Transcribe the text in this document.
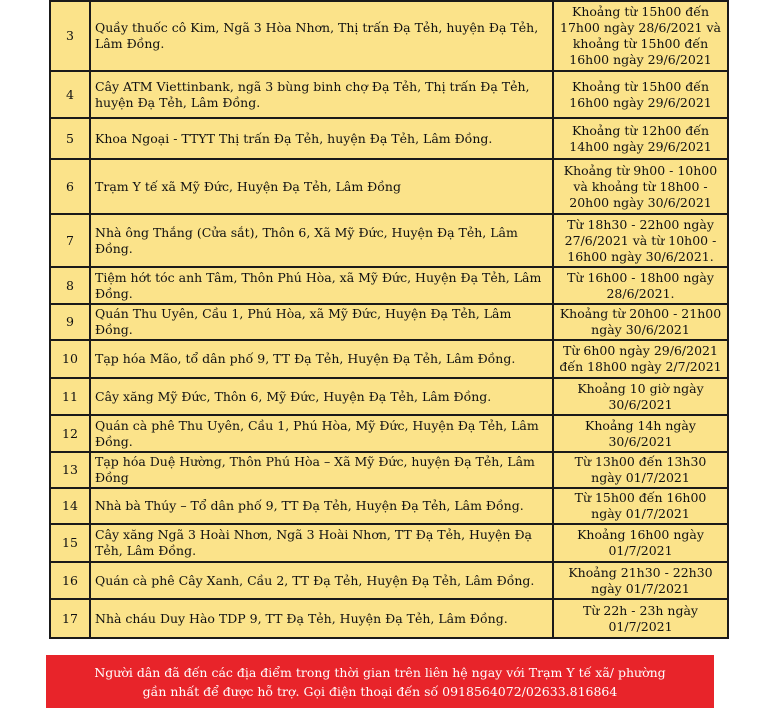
3	Quầy thuốc cô Kim, Ngã 3 Hòa Nhơn, Thị trấn Đạ Tẻh, huyện Đạ Tẻh, Lâm Đồng.	Khoảng từ 15h00 đến 17h00 ngày 28/6/2021 và khoảng từ 15h00 đến 16h00 ngày 29/6/2021
4	Cây ATM Viettinbank, ngã 3 bùng binh chợ Đạ Tẻh, Thị trấn Đạ Tẻh, huyện Đạ Tẻh, Lâm Đồng.	Khoảng từ 15h00 đến 16h00 ngày 29/6/2021
5	Khoa Ngoại - TTYT Thị trấn Đạ Tẻh, huyện Đạ Tẻh, Lâm Đồng.	Khoảng từ 12h00 đến 14h00 ngày 29/6/2021
6	Trạm Y tế xã Mỹ Đức, Huyện Đạ Tẻh, Lâm Đồng	Khoảng từ 9h00 - 10h00 và khoảng từ 18h00 - 20h00 ngày 30/6/2021
7	Nhà ông Thắng (Cửa sắt), Thôn 6, Xã Mỹ Đức, Huyện Đạ Tẻh, Lâm Đồng.	Từ 18h30 - 22h00 ngày 27/6/2021 và từ 10h00 - 16h00 ngày 30/6/2021.
8	Tiệm hớt tóc anh Tâm, Thôn Phú Hòa, xã Mỹ Đức, Huyện Đạ Tẻh, Lâm Đồng.	Từ 16h00 - 18h00 ngày 28/6/2021.
9	Quán Thu Uyên, Cầu 1, Phú Hòa, xã Mỹ Đức, Huyện Đạ Tẻh, Lâm Đồng.	Khoảng từ 20h00 - 21h00 ngày 30/6/2021
10	Tạp hóa Mão, tổ dân phố 9, TT Đạ Tẻh, Huyện Đạ Tẻh, Lâm Đồng.	Từ 6h00 ngày 29/6/2021 đến 18h00 ngày 2/7/2021
11	Cây xăng Mỹ Đức, Thôn 6, Mỹ Đức, Huyện Đạ Tẻh, Lâm Đồng.	Khoảng 10 giờ ngày 30/6/2021
12	Quán cà phê Thu Uyên, Cầu 1, Phú Hòa, Mỹ Đức, Huyện Đạ Tẻh, Lâm Đồng.	Khoảng 14h ngày 30/6/2021
13	Tạp hóa Duệ Hường, Thôn Phú Hòa – Xã Mỹ Đức, huyện Đạ Tẻh, Lâm Đồng	Từ 13h00 đến 13h30 ngày 01/7/2021
14	Nhà bà Thúy – Tổ dân phố 9, TT Đạ Tẻh, Huyện Đạ Tẻh, Lâm Đồng.	Từ 15h00 đến 16h00 ngày 01/7/2021
15	Cây xăng Ngã 3 Hoài Nhơn, Ngã 3 Hoài Nhơn, TT Đạ Tẻh, Huyện Đạ Tẻh, Lâm Đồng.	Khoảng 16h00 ngày 01/7/2021
16	Quán cà phê Cây Xanh, Cầu 2, TT Đạ Tẻh, Huyện Đạ Tẻh, Lâm Đồng.	Khoảng 21h30 - 22h30 ngày 01/7/2021
17	Nhà cháu Duy Hào TDP 9, TT Đạ Tẻh, Huyện Đạ Tẻh, Lâm Đồng.	Từ 22h - 23h ngày 01/7/2021
Người dân đã đến các địa điểm trong thời gian trên liên hệ ngay với Trạm Y tế xã/ phường
gần nhất để được hỗ trợ. Gọi điện thoại đến số 0918564072/02633.816864
